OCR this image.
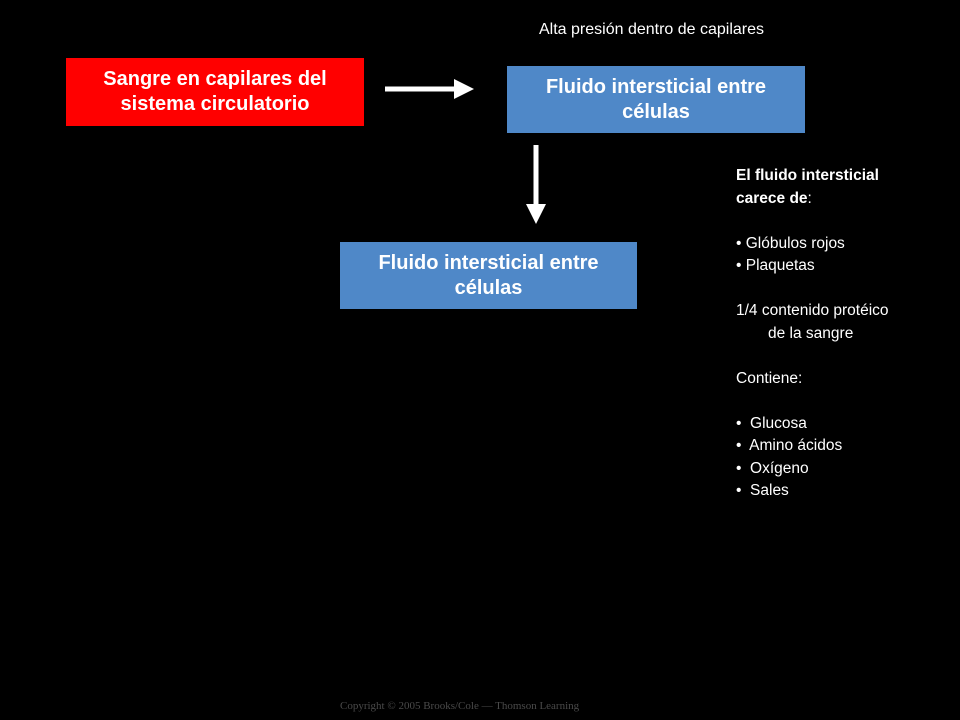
Alta presión dentro de capilares
Sangre en capilares del sistema circulatorio
Fluido intersticial entre células
Fluido intersticial entre células
El fluido intersticial
carece de:
• Glóbulos rojos
• Plaquetas
1/4 contenido protéico
de la sangre
Contiene:
•  Glucosa
•  Amino ácidos
•  Oxígeno
•  Sales
Copyright © 2005 Brooks/Cole — Thomson Learning
